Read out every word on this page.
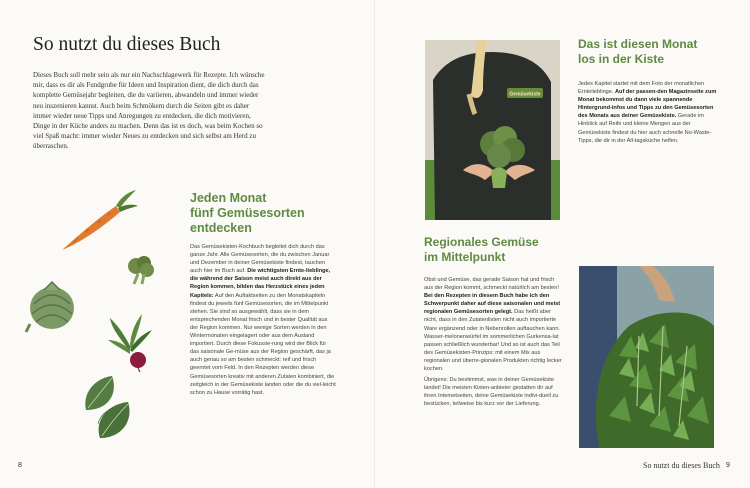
So nutzt du dieses Buch

Dieses Buch soll mehr sein als nur ein Nachschlagewerk für Rezepte. Ich wünsche mir, dass es dir als Fundgrube für Ideen und Inspiration dient, die dich durch das komplette Gemüsejahr begleiten, die du variieren, abwandeln und immer wieder neu inszenieren kannst. Auch beim Schmökern durch die Seiten gibt es daher immer wieder neue Tipps und Anregungen zu entdecken, die dich motivieren, Dinge in der Küche anders zu machen. Denn das ist es doch, was beim Kochen so viel Spaß macht: immer wieder Neues zu entdecken und sich selbst am Herd zu überraschen.

Jeden Monat
fünf Gemüsesorten
entdecken

Das Gemüsekisten-Kochbuch begleitet dich durch das ganze Jahr. Alle Gemüsesorten, die du zwischen Januar und Dezember in deiner Gemüsekiste findest, tauchen auch hier im Buch auf. Die wichtigsten Ernte-lieblinge, die während der Saison meist auch direkt aus der Region kommen, bilden das Herzstück eines jeden Kapitels: Auf den Auftaktseiten zu den Monatskapiteln findest du jeweils fünf Gemüsesorten, die im Mittelpunkt stehen. Sie sind so ausgewählt, dass sie in dem entsprechenden Monat frisch und in bester Qualität aus der Region kommen. Nur wenige Sorten werden in den Wintermonaten eingelagert oder aus dem Ausland importiert. Durch diese Fokussie-rung wird der Blick für das saisonale Ge-müse aus der Region geschärft, das ja auch genau so am besten schmeckt: reif und frisch geerntet vom Feld. In den Rezepten werden diese Gemüsesorten kreativ mit anderen Zutaten kombiniert, die zeitgleich in der Gemüsekiste landen oder die du viel-leicht schon zu Hause vorrätig hast.

8
Gemüsekiste
Das ist diesen Monat
los in der Kiste

Jedes Kapitel startet mit dem Foto der monatlichen Erntelieblinge. Auf der passen-den Magazinseite zum Monat bekommst du dann viele spannende Hintergrund-infos und Tipps zu den Gemüsesorten des Monats aus deiner Gemüsekiste. Gerade im Hinblick auf Reife und kleine Mengen aus der Gemüsekiste findest du hier auch schnelle No-Waste-Tipps, die dir in der All-tagsküche helfen.

Regionales Gemüse
im Mittelpunkt

Obst und Gemüse, das gerade Saison hat und frisch aus der Region kommt, schmeckt natürlich am besten! Bei den Rezepten in diesem Buch habe ich den Schwerpunkt daher auf diese saisonalen und meist regionalen Gemüsesorten gelegt. Das heißt aber nicht, dass in den Zutatenlisten nicht auch importierte Ware ergänzend oder in Nebenrollen auftauchen kann. Wasser-melonenwürfel im sommerlichen Gurkensa-lat passen schließlich wunderbar! Und so ist auch das Teil des Gemüsekisten-Prinzips: mit einem Mix aus regionalen und überre-gionalen Produkten richtig lecker kochen.

Übrigens: Du bestimmst, was in deiner Gemüsekiste landet! Die meisten Kisten-anbieter gestatten dir auf ihren Internetseiten, deine Gemüsekiste indivi-duell zu bestücken, teilweise bis kurz vor der Lieferung.

So nutzt du dieses Buch 9
